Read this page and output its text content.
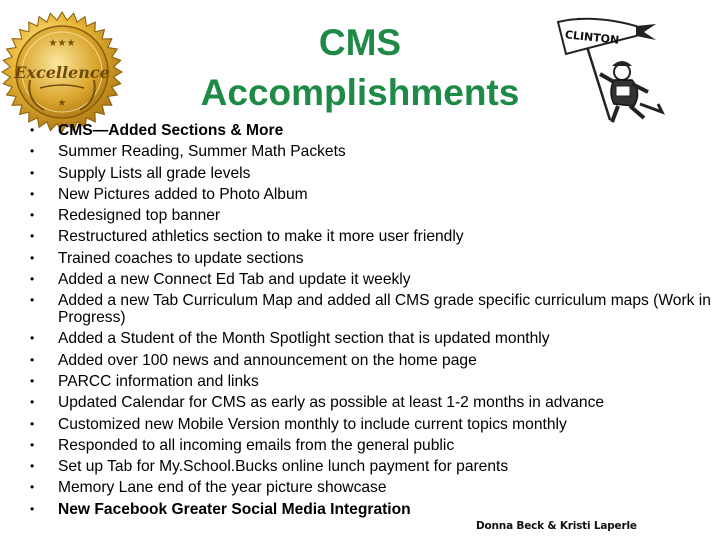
★★★
Excellence
★
CMS
Accomplishments
CLINTON
• CMS—Added Sections & More
• Summer Reading, Summer Math Packets
• Supply Lists all grade levels
• New Pictures added to Photo Album
• Redesigned top banner
• Restructured athletics section to make it more user friendly
• Trained coaches to update sections
• Added a new Connect Ed Tab and update it weekly
• Added a new Tab Curriculum Map and added all CMS grade specific curriculum maps (Work in Progress)
• Added a Student of the Month Spotlight section that is updated monthly
• Added over 100 news and announcement on the home page
• PARCC information and links
• Updated Calendar for CMS as early as possible at least 1-2 months in advance
• Customized new Mobile Version monthly to include current topics monthly
• Responded to all incoming emails from the general public
• Set up Tab for My.School.Bucks online lunch payment for parents
• Memory Lane end of the year picture showcase
• New Facebook Greater Social Media Integration
Donna Beck & Kristi Laperle
